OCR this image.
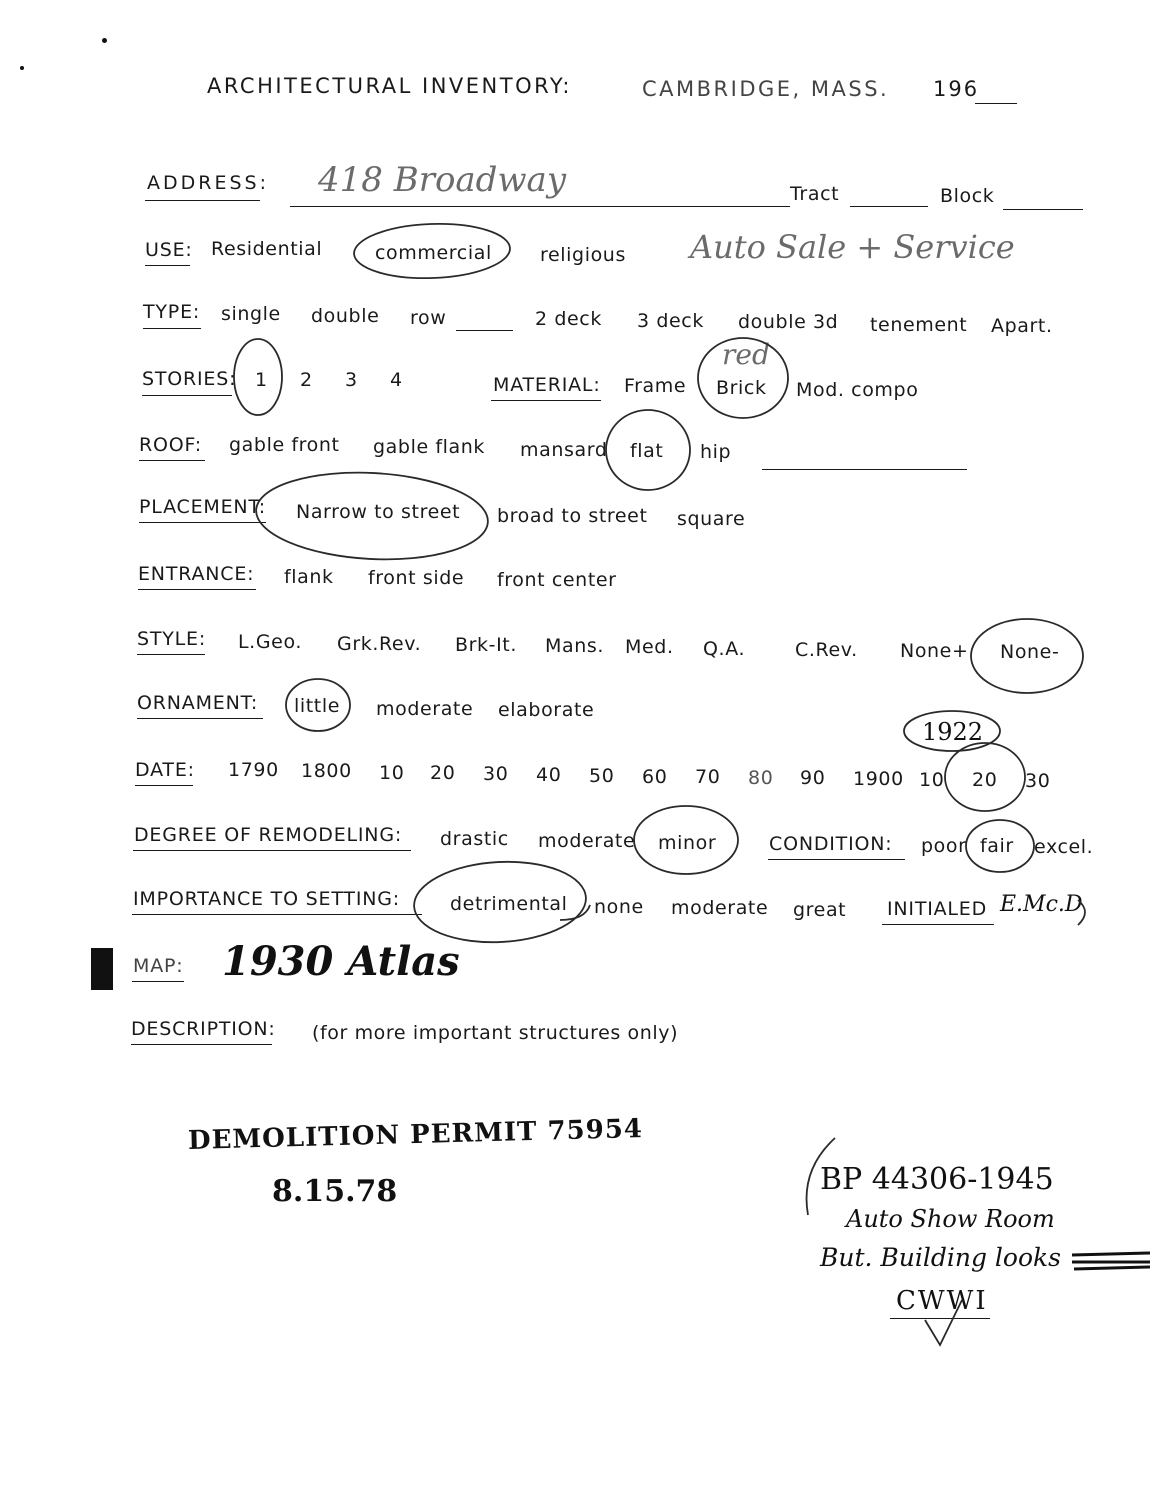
ARCHITECTURAL INVENTORY:	CAMBRIDGE, MASS. 196
ADDRESS: 418 Broadway	Tract	Block
USE: Residential	commercial	religious Auto Sale + Service
TYPE: single double row	2 deck 3 deck double 3d tenement Apart.
STORIES: 1 2 3 4	MATERIAL: Frame Brick Mod. compo
red
ROOF: gable front gable flank mansard flat hip
PLACEMENT: Narrow to street broad to street square
ENTRANCE: flank front side front center
STYLE: L.Geo. Grk.Rev. Brk-It. Mans. Med. Q.A.	C.Rev. None+ None-
ORNAMENT: little moderate elaborate
DATE: 1790 1800 10 20 30 40 50 60 70 80 90 1900 10 20 30
1922
DEGREE OF REMODELING: drastic moderate minor	CONDITION: poor fair excel.
IMPORTANCE TO SETTING:	detrimental none moderate great INITIALED E.Mc.D
MAP: 1930 Atlas
DESCRIPTION: (for more important structures only)
DEMOLITION PERMIT 75954
8.15.78	BP 44306-1945
Auto Show Room
But. Building looks
CWWI
